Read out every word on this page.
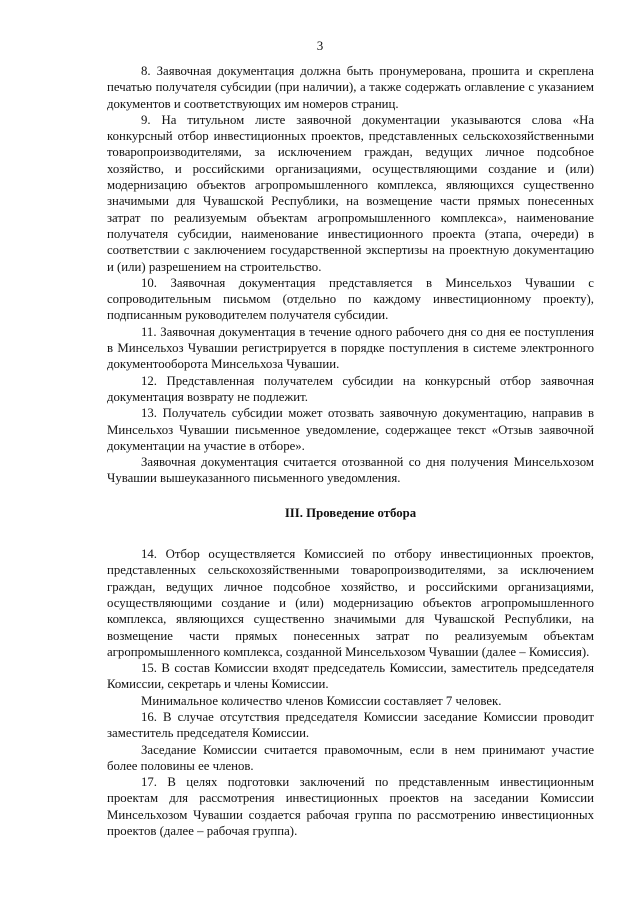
3

8. Заявочная документация должна быть пронумерована, прошита и скреплена печатью получателя субсидии (при наличии), а также содержать оглавление с указанием документов и соответствующих им номеров страниц.

9. На титульном листе заявочной документации указываются слова «На конкурсный отбор инвестиционных проектов, представленных сельскохозяйственными товаропроизводителями, за исключением граждан, ведущих личное подсобное хозяйство, и российскими организациями, осуществляющими создание и (или) модернизацию объектов агропромышленного комплекса, являющихся существенно значимыми для Чувашской Республики, на возмещение части прямых понесенных затрат по реализуемым объектам агропромышленного комплекса», наименование получателя субсидии, наименование инвестиционного проекта (этапа, очереди) в соответствии с заключением государственной экспертизы на проектную документацию и (или) разрешением на строительство.

10. Заявочная документация представляется в Минсельхоз Чувашии с сопроводительным письмом (отдельно по каждому инвестиционному проекту), подписанным руководителем получателя субсидии.

11. Заявочная документация в течение одного рабочего дня со дня ее поступления в Минсельхоз Чувашии регистрируется в порядке поступления в системе электронного документооборота Минсельхоза Чувашии.

12. Представленная получателем субсидии на конкурсный отбор заявочная документация возврату не подлежит.

13. Получатель субсидии может отозвать заявочную документацию, направив в Минсельхоз Чувашии письменное уведомление, содержащее текст «Отзыв заявочной документации на участие в отборе».

Заявочная документация считается отозванной со дня получения Минсельхозом Чувашии вышеуказанного письменного уведомления.

III. Проведение отбора

14. Отбор осуществляется Комиссией по отбору инвестиционных проектов, представленных сельскохозяйственными товаропроизводителями, за исключением граждан, ведущих личное подсобное хозяйство, и российскими организациями, осуществляющими создание и (или) модернизацию объектов агропромышленного комплекса, являющихся существенно значимыми для Чувашской Республики, на возмещение части прямых понесенных затрат по реализуемым объектам агропромышленного комплекса, созданной Минсельхозом Чувашии (далее – Комиссия).

15. В состав Комиссии входят председатель Комиссии, заместитель председателя Комиссии, секретарь и члены Комиссии.

Минимальное количество членов Комиссии составляет 7 человек.

16. В случае отсутствия председателя Комиссии заседание Комиссии проводит заместитель председателя Комиссии.

Заседание Комиссии считается правомочным, если в нем принимают участие более половины ее членов.

17. В целях подготовки заключений по представленным инвестиционным проектам для рассмотрения инвестиционных проектов на заседании Комиссии Минсельхозом Чувашии создается рабочая группа по рассмотрению инвестиционных проектов (далее – рабочая группа).
